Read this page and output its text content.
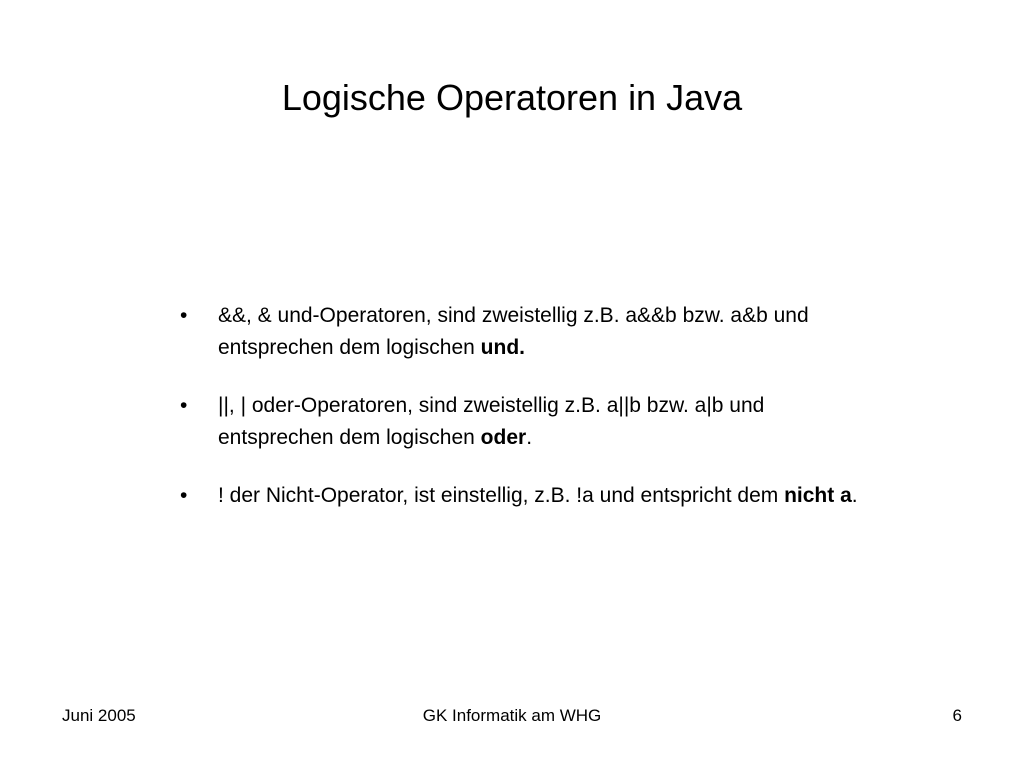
Logische Operatoren in Java
• &&, & und-Operatoren, sind zweistellig z.B. a&&b bzw. a&b und entsprechen dem logischen und.
• ||, | oder-Operatoren, sind zweistellig z.B. a||b bzw. a|b und entsprechen dem logischen oder.
• ! der Nicht-Operator, ist einstellig, z.B. !a und entspricht dem nicht a.
Juni 2005	GK Informatik am WHG	6
